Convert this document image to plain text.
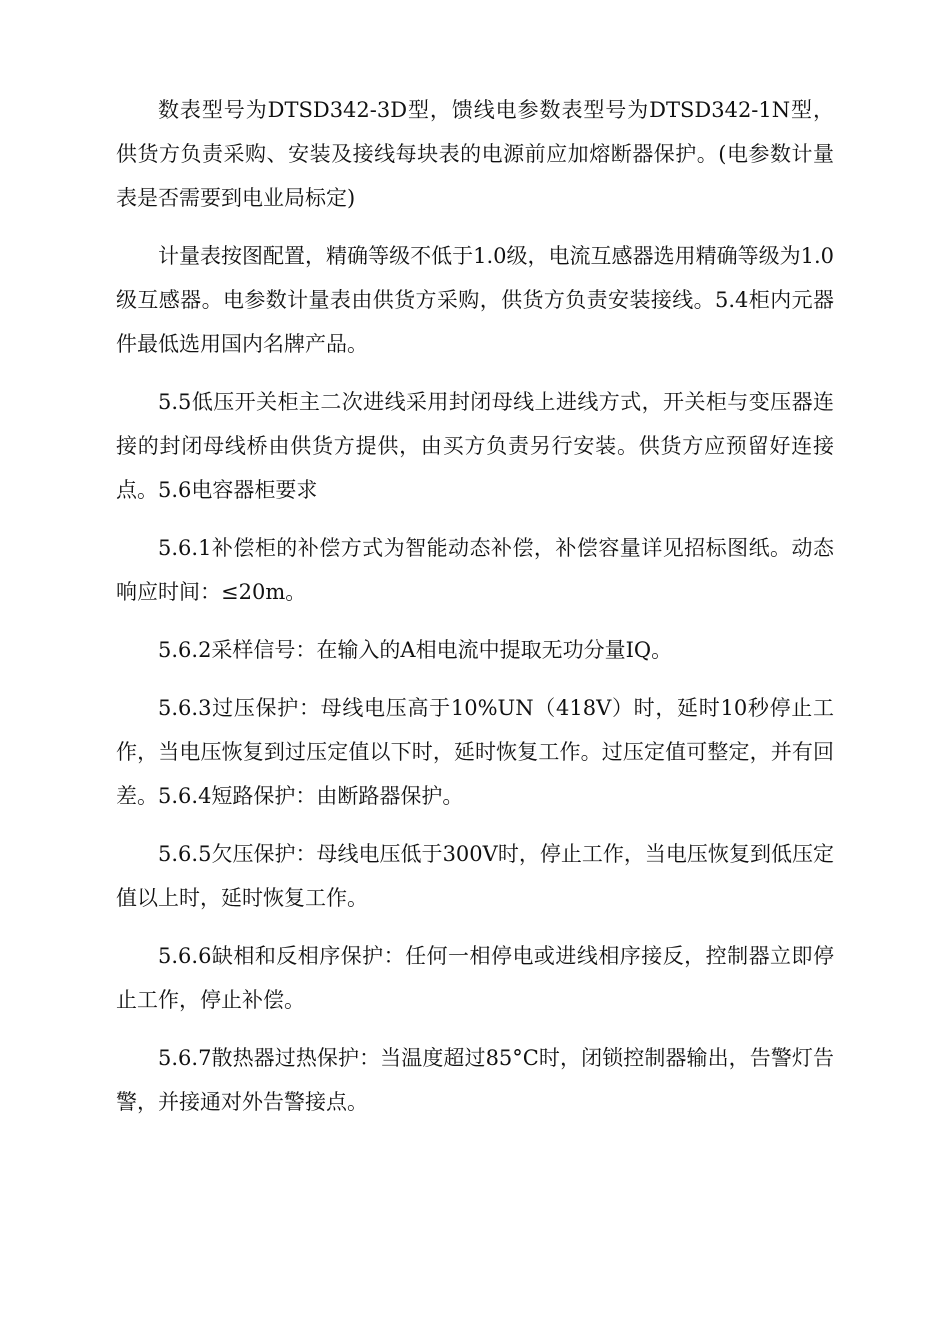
数表型号为DTSD342-3D型，馈线电参数表型号为DTSD342-1N型，供货方负责采购、安装及接线每块表的电源前应加熔断器保护。(电参数计量表是否需要到电业局标定)

计量表按图配置，精确等级不低于1.0级，电流互感器选用精确等级为1.0级互感器。电参数计量表由供货方采购，供货方负责安装接线。5.4柜内元器件最低选用国内名牌产品。

5.5低压开关柜主二次进线采用封闭母线上进线方式，开关柜与变压器连接的封闭母线桥由供货方提供，由买方负责另行安装。供货方应预留好连接点。5.6电容器柜要求

5.6.1补偿柜的补偿方式为智能动态补偿，补偿容量详见招标图纸。动态响应时间：≤20m。

5.6.2采样信号：在输入的A相电流中提取无功分量IQ。

5.6.3过压保护：母线电压高于10%UN（418V）时，延时10秒停止工作，当电压恢复到过压定值以下时，延时恢复工作。过压定值可整定，并有回差。5.6.4短路保护：由断路器保护。

5.6.5欠压保护：母线电压低于300V时，停止工作，当电压恢复到低压定值以上时，延时恢复工作。

5.6.6缺相和反相序保护：任何一相停电或进线相序接反，控制器立即停止工作，停止补偿。

5.6.7散热器过热保护：当温度超过85°C时，闭锁控制器输出，告警灯告警，并接通对外告警接点。
